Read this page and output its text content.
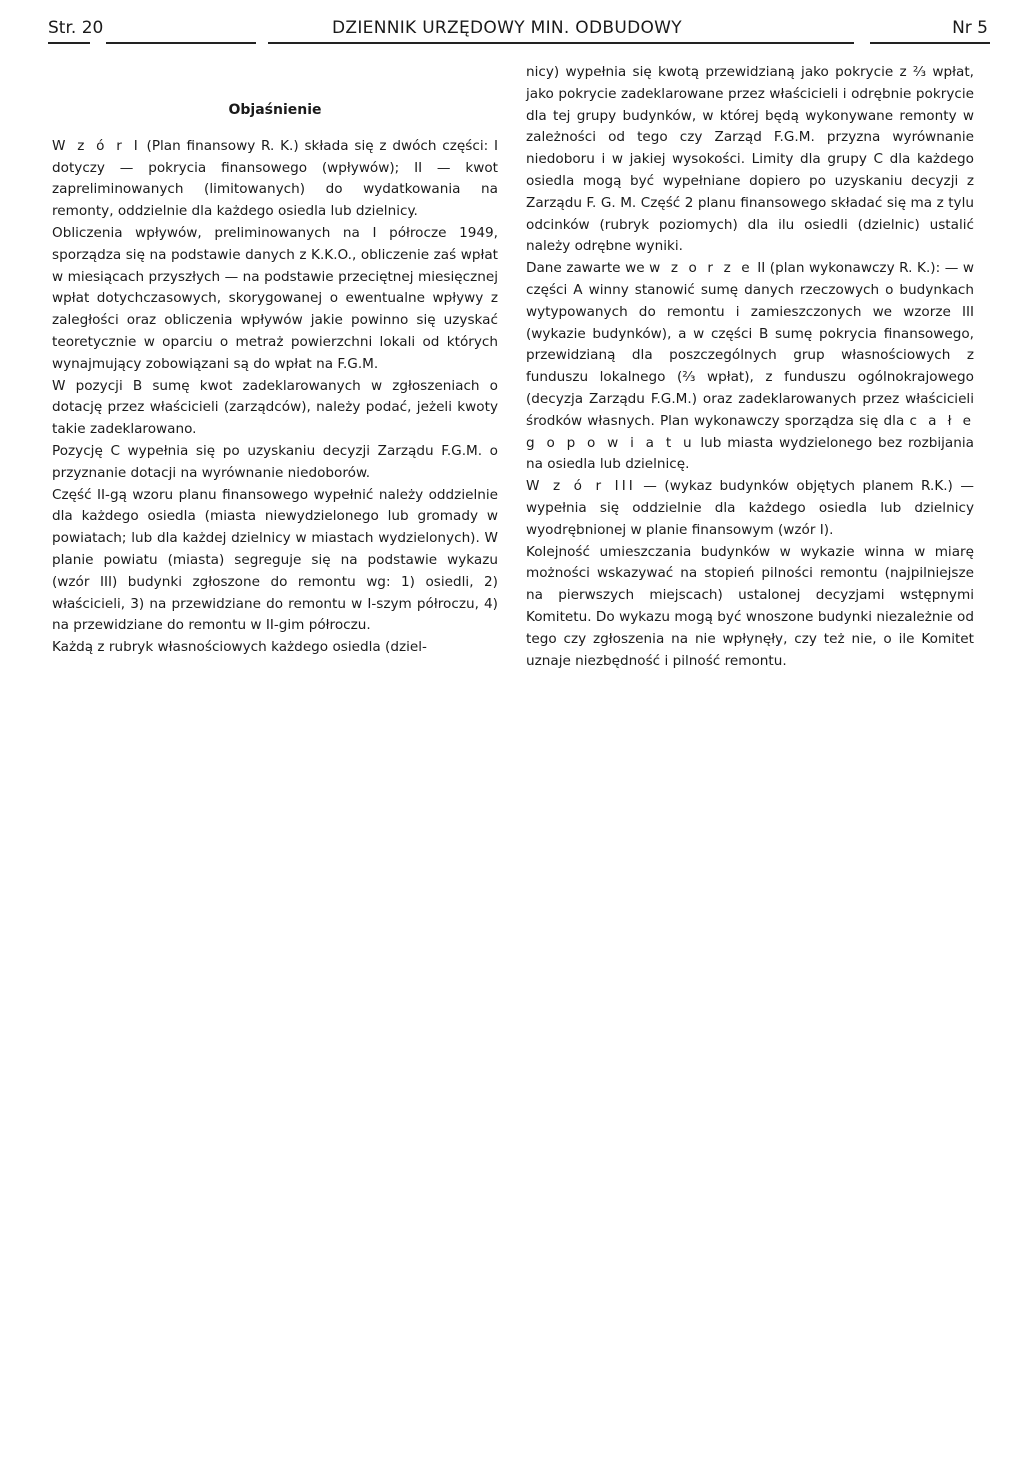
Str. 20	DZIENNIK URZĘDOWY MIN. ODBUDOWY	Nr 5

Objaśnienie

W z ó r I (Plan finansowy R. K.) składa się z dwóch części: I dotyczy — pokrycia finansowego (wpływów); II — kwot zapreliminowanych (limitowanych) do wydatkowania na remonty, oddzielnie dla każdego osiedla lub dzielnicy.

Obliczenia wpływów, preliminowanych na I półrocze 1949, sporządza się na podstawie danych z K.K.O., obliczenie zaś wpłat w miesiącach przyszłych — na podstawie przeciętnej miesięcznej wpłat dotychczasowych, skorygowanej o ewentualne wpływy z zaległości oraz obliczenia wpływów jakie powinno się uzyskać teoretycznie w oparciu o metraż powierzchni lokali od których wynajmujący zobowiązani są do wpłat na F.G.M.

W pozycji B sumę kwot zadeklarowanych w zgłoszeniach o dotację przez właścicieli (zarządców), należy podać, jeżeli kwoty takie zadeklarowano.

Pozycję C wypełnia się po uzyskaniu decyzji Zarządu F.G.M. o przyznanie dotacji na wyrównanie niedoborów.

Część II-gą wzoru planu finansowego wypełnić należy oddzielnie dla każdego osiedla (miasta niewydzielonego lub gromady w powiatach; lub dla każdej dzielnicy w miastach wydzielonych). W planie powiatu (miasta) segreguje się na podstawie wykazu (wzór III) budynki zgłoszone do remontu wg: 1) osiedli, 2) właścicieli, 3) na przewidziane do remontu w I-szym półroczu, 4) na przewidziane do remontu w II-gim półroczu.

Każdą z rubryk własnościowych każdego osiedla (dziel-

nicy) wypełnia się kwotą przewidzianą jako pokrycie z ⅔ wpłat, jako pokrycie zadeklarowane przez właścicieli i odrębnie pokrycie dla tej grupy budynków, w której będą wykonywane remonty w zależności od tego czy Zarząd F.G.M. przyzna wyrównanie niedoboru i w jakiej wysokości. Limity dla grupy C dla każdego osiedla mogą być wypełniane dopiero po uzyskaniu decyzji z Zarządu F. G. M. Część 2 planu finansowego składać się ma z tylu odcinków (rubryk poziomych) dla ilu osiedli (dzielnic) ustalić należy odrębne wyniki.

Dane zawarte we w z o r z e II (plan wykonawczy R. K.): — w części A winny stanowić sumę danych rzeczowych o budynkach wytypowanych do remontu i zamieszczonych we wzorze III (wykazie budynków), a w części B sumę pokrycia finansowego, przewidzianą dla poszczególnych grup własnościowych z funduszu lokalnego (⅔ wpłat), z funduszu ogólnokrajowego (decyzja Zarządu F.G.M.) oraz zadeklarowanych przez właścicieli środków własnych. Plan wykonawczy sporządza się dla c a ł e g o p o w i a t u lub miasta wydzielonego bez rozbijania na osiedla lub dzielnicę.

W z ó r III — (wykaz budynków objętych planem R.K.) — wypełnia się oddzielnie dla każdego osiedla lub dzielnicy wyodrębnionej w planie finansowym (wzór I).

Kolejność umieszczania budynków w wykazie winna w miarę możności wskazywać na stopień pilności remontu (najpilniejsze na pierwszych miejscach) ustalonej decyzjami wstępnymi Komitetu. Do wykazu mogą być wnoszone budynki niezależnie od tego czy zgłoszenia na nie wpłynęły, czy też nie, o ile Komitet uznaje niezbędność i pilność remontu.
